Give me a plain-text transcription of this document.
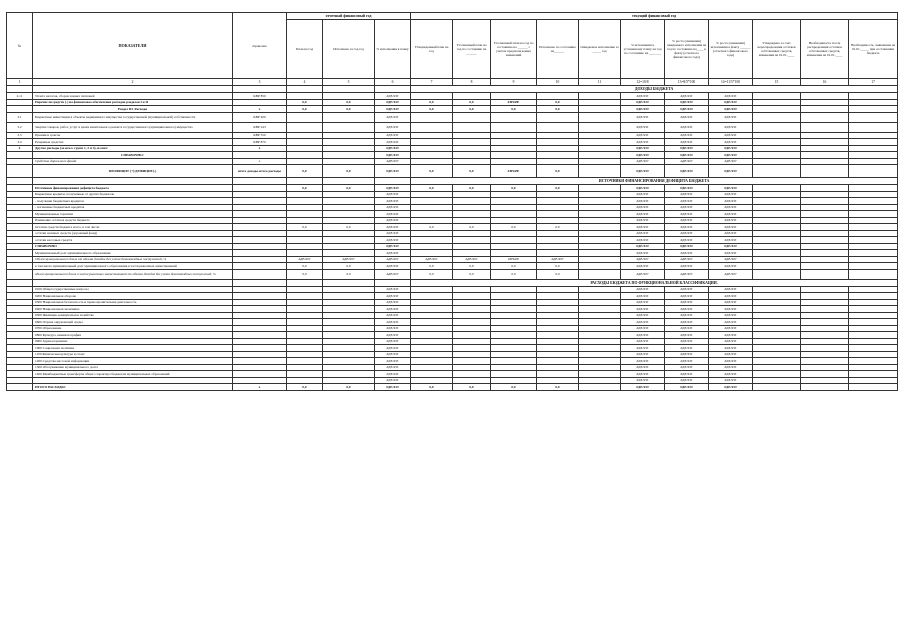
№	ПОКАЗАТЕЛИ	справочно	отчетный финансовый год			текущий финансовый год										
			План на год	Исполнено за год год	% исполнения к плану	Утвержденный план на год	Уточненный план на год по состоянию на ______	Уточненный план на год по состоянию на ______ с учетом предполагаемых изменений	Исполнено по состоянию на______	Ожидаемое исполнение за _____ год	% исполнения к уточненному плану на год по состоянию на _______	% роста (снижения) ожидаемого исполнения на год по состоянию на____ к факту (отчетного финансового года)	% роста (снижения) исполнения к факту ______ (отчетного финансового года)	Утверждено за счет нераспределения остатков собственных средств, изменения на 01.01.____	Необходимость после распределения остатков собственных средств, изменения на 01.01.____	Необходимость, заявленная на 01.01._____ при составлении бюджета
1	2	3	4	5	6	7	8	9	10	11	12=10/8	13=8/5*100	14=11/5*100	15	16	17
						ДОХОДЫ БЮДЖЕТА										
2.11	Уплата налогов, сборов и иных платежей	КВР 850			#ДЕЛ/0!						#ДЕЛ/0!	#ДЕЛ/0!	#ДЕЛ/0!			
	Перечисли средств (-) на финансовое обеспечение расходов разделов I и II		0,0	0,0	#ДЕЛ/0!	0,0	0,0	#ЗНАЧ!	0,0		#ДЕЛ/0!	#ДЕЛ/0!	#ДЕЛ/0!			
	Раздел III. Расходы	x	0,0	0,0	#ДЕЛ/0!	0,0	0,0	0,0	0,0		#ДЕЛ/0!	#ДЕЛ/0!	#ДЕЛ/0!			
3.1	Бюджетные инвестиции в объекты недвижимого имущества государственной (муниципальной) собственности	КВР 400			#ДЕЛ/0!						#ДЕЛ/0!	#ДЕЛ/0!	#ДЕЛ/0!			
3.2	Закупка товаров, работ, услуг в целях капитального ремонта государственного (муниципального) имущества	КВР 243			#ДЕЛ/0!						#ДЕЛ/0!	#ДЕЛ/0!	#ДЕЛ/0!			
3.3	Премии и гранты	КВР 350			#ДЕЛ/0!						#ДЕЛ/0!	#ДЕЛ/0!	#ДЕЛ/0!			
3.4	Резервные средства	КВР 870			#ДЕЛ/0!						#ДЕЛ/0!	#ДЕЛ/0!	#ДЕЛ/0!			
4	Другие расходы (за искл. групп 1, 2 и 3), из них:	x			#ДЕЛ/0!						#ДЕЛ/0!	#ДЕЛ/0!	#ДЕЛ/0!			
	СПРАВОЧНО:				#ДЕЛ/0!						#ДЕЛ/0!	#ДЕЛ/0!	#ДЕЛ/0!			
	Средства дорожного фонда	x			#ДЕЛ/0!						#ДЕЛ/0!	#ДЕЛ/0!	#ДЕЛ/0!			
	ПРОФИЦИТ (+)/ДЕФИЦИТ(-)	итого доходы-итого расходы	0,0	0,0	#ДЕЛ/0!	0,0	0,0	#ЗНАЧ!	0,0		#ДЕЛ/0!	#ДЕЛ/0!	#ДЕЛ/0!			
						ИСТОЧНИКИ ФИНАНСИРОВАНИЯ ДЕФИЦИТА БЮДЖЕТА										
	Источники финансирования дефицита бюджета		0,0	0,0	#ДЕЛ/0!	0,0	0,0	0,0	0,0		#ДЕЛ/0!	#ДЕЛ/0!	#ДЕЛ/0!			
	Бюджетные кредиты, полученные от других бюджетов				#ДЕЛ/0!						#ДЕЛ/0!	#ДЕЛ/0!	#ДЕЛ/0!			
	- получение бюджетных кредитов				#ДЕЛ/0!						#ДЕЛ/0!	#ДЕЛ/0!	#ДЕЛ/0!			
	- погашение бюджетных кредитов				#ДЕЛ/0!						#ДЕЛ/0!	#ДЕЛ/0!	#ДЕЛ/0!			
	Муниципальные гарантии				#ДЕЛ/0!						#ДЕЛ/0!	#ДЕЛ/0!	#ДЕЛ/0!			
	Изменение остатков средств бюджета				#ДЕЛ/0!						#ДЕЛ/0!	#ДЕЛ/0!	#ДЕЛ/0!			
	Остатки средств бюджета всего, в том числе:		0,0	0,0	#ДЕЛ/0!	0,0	0,0	0,0	0,0		#ДЕЛ/0!	#ДЕЛ/0!	#ДЕЛ/0!			
	остатки целевых средств (дорожный фонд)				#ДЕЛ/0!						#ДЕЛ/0!	#ДЕЛ/0!	#ДЕЛ/0!			
	остатки кассовых средств				#ДЕЛ/0!						#ДЕЛ/0!	#ДЕЛ/0!	#ДЕЛ/0!			
	СПРАВОЧНО				#ДЕЛ/0!						#ДЕЛ/0!	#ДЕЛ/0!	#ДЕЛ/0!			
	Муниципальный долг муниципального образования				#ДЕЛ/0!						#ДЕЛ/0!	#ДЕЛ/0!	#ДЕЛ/0!			
	Объем муниципального долга от объема доходов без учета безвозмездных поступлений, %		#ДЕЛ/0!	#ДЕЛ/0!	#ДЕЛ/0!	#ДЕЛ/0!	#ДЕЛ/0!	#ЗНАЧ!	#ДЕЛ/0!		#ДЕЛ/0!	#ДЕЛ/0!	#ДЕЛ/0!			
	в том числе муниципальный долг муниципального образования в части рыночных заимствований		0,0	0,0	#ДЕЛ/0!	0,0	0,0	0,0	0,0		#ДЕЛ/0!	#ДЕЛ/0!	#ДЕЛ/0!			
	объем муниципального долга в части рыночных заимствований от объема доходов без учета безвозмездных поступлений, %		0,0	0,0	#ДЕЛ/0!	0,0	0,0	0,0	0,0		#ДЕЛ/0!	#ДЕЛ/0!	#ДЕЛ/0!			
						РАСХОДЫ БЮДЖЕТА ПО ФУНКЦИОНАЛЬНОЙ КЛАССИФИКАЦИИ.										
	0100 Общегосударственные вопросы				#ДЕЛ/0!						#ДЕЛ/0!	#ДЕЛ/0!	#ДЕЛ/0!			
	0200 Национальная оборона				#ДЕЛ/0!						#ДЕЛ/0!	#ДЕЛ/0!	#ДЕЛ/0!			
	0300 Национальная безопасность и правоохранительная деятельность				#ДЕЛ/0!						#ДЕЛ/0!	#ДЕЛ/0!	#ДЕЛ/0!			
	0400 Национальная экономика				#ДЕЛ/0!						#ДЕЛ/0!	#ДЕЛ/0!	#ДЕЛ/0!			
	0500 Жилищно-коммунальное хозяйство				#ДЕЛ/0!						#ДЕЛ/0!	#ДЕЛ/0!	#ДЕЛ/0!			
	0600 Охрана окружающей среды				#ДЕЛ/0!						#ДЕЛ/0!	#ДЕЛ/0!	#ДЕЛ/0!			
	0700 Образование				#ДЕЛ/0!						#ДЕЛ/0!	#ДЕЛ/0!	#ДЕЛ/0!			
	0800 Культура, кинематография				#ДЕЛ/0!						#ДЕЛ/0!	#ДЕЛ/0!	#ДЕЛ/0!			
	0900 Здравоохранение				#ДЕЛ/0!						#ДЕЛ/0!	#ДЕЛ/0!	#ДЕЛ/0!			
	1000 Социальная политика				#ДЕЛ/0!						#ДЕЛ/0!	#ДЕЛ/0!	#ДЕЛ/0!			
	1100 Физическая культура и спорт				#ДЕЛ/0!						#ДЕЛ/0!	#ДЕЛ/0!	#ДЕЛ/0!			
	1200 Средства массовой информации				#ДЕЛ/0!						#ДЕЛ/0!	#ДЕЛ/0!	#ДЕЛ/0!			
	1300 Обслуживание муниципального долга				#ДЕЛ/0!						#ДЕЛ/0!	#ДЕЛ/0!	#ДЕЛ/0!			
	1400 Межбюджетные трансферты общего характера бюджетам муниципальных образований				#ДЕЛ/0!						#ДЕЛ/0!	#ДЕЛ/0!	#ДЕЛ/0!			
					#ДЕЛ/0!						#ДЕЛ/0!	#ДЕЛ/0!	#ДЕЛ/0!			
	ИТОГО РАСХОДЫ:	x	0,0	0,0	#ДЕЛ/0!	0,0	0,0	0,0	0,0		#ДЕЛ/0!	#ДЕЛ/0!	#ДЕЛ/0!			
